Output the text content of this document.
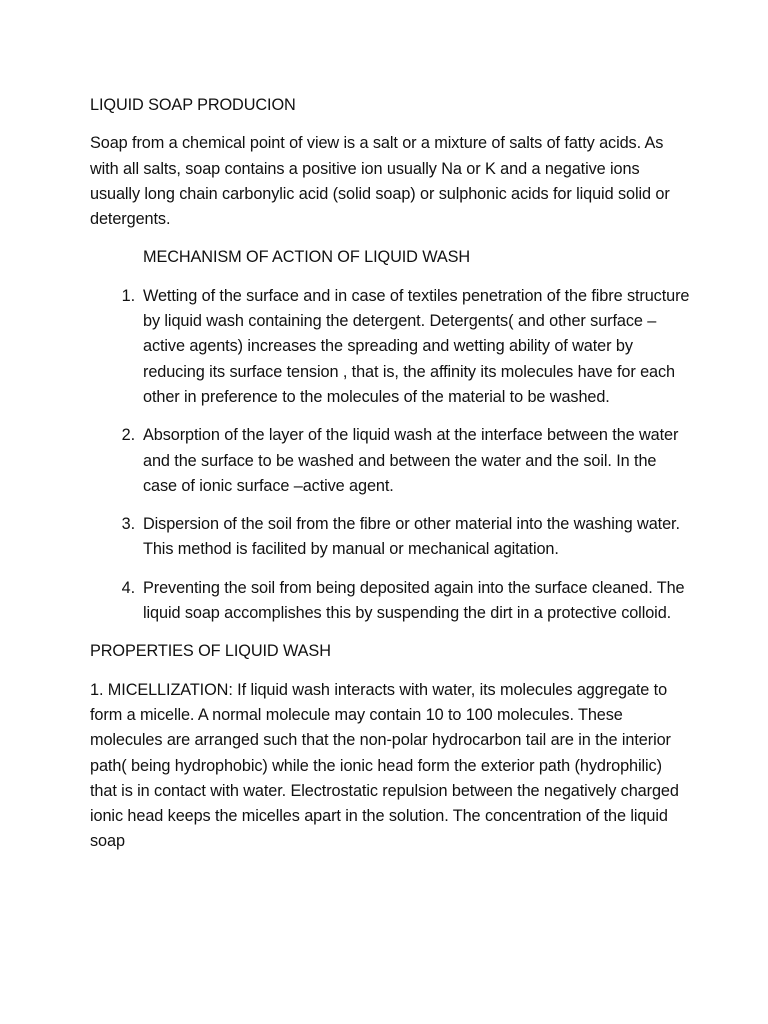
LIQUID SOAP PRODUCION

Soap from a chemical point of view is a salt or a mixture of salts of fatty acids. As with all salts, soap contains a positive ion usually Na or K and a negative ions usually long chain carbonylic acid (solid soap) or sulphonic acids for liquid solid or detergents.

MECHANISM OF ACTION OF LIQUID WASH

1. Wetting of the surface and in case of textiles penetration of the fibre structure by liquid wash containing the detergent. Detergents( and other surface –active agents) increases the spreading and wetting ability of water by reducing its surface tension , that is, the affinity its molecules have for each other in preference to the molecules of the material to be washed.
2. Absorption of the layer of the liquid wash at the interface between the water and the surface to be washed and between the water and the soil. In the case of ionic surface –active agent.
3. Dispersion of the soil from the fibre or other material into the washing water. This method is facilited by manual or mechanical agitation.
4. Preventing the soil from being deposited again into the surface cleaned. The liquid soap accomplishes this by suspending the dirt in a protective colloid.

PROPERTIES OF LIQUID WASH

1. MICELLIZATION: If liquid wash interacts with water, its molecules aggregate to form a micelle. A normal molecule may contain 10 to 100 molecules. These molecules are arranged such that the non-polar hydrocarbon tail are in the interior path( being hydrophobic) while the ionic head form the exterior path (hydrophilic) that is in contact with water. Electrostatic repulsion between the negatively charged ionic head keeps the micelles apart in the solution. The concentration of the liquid soap
